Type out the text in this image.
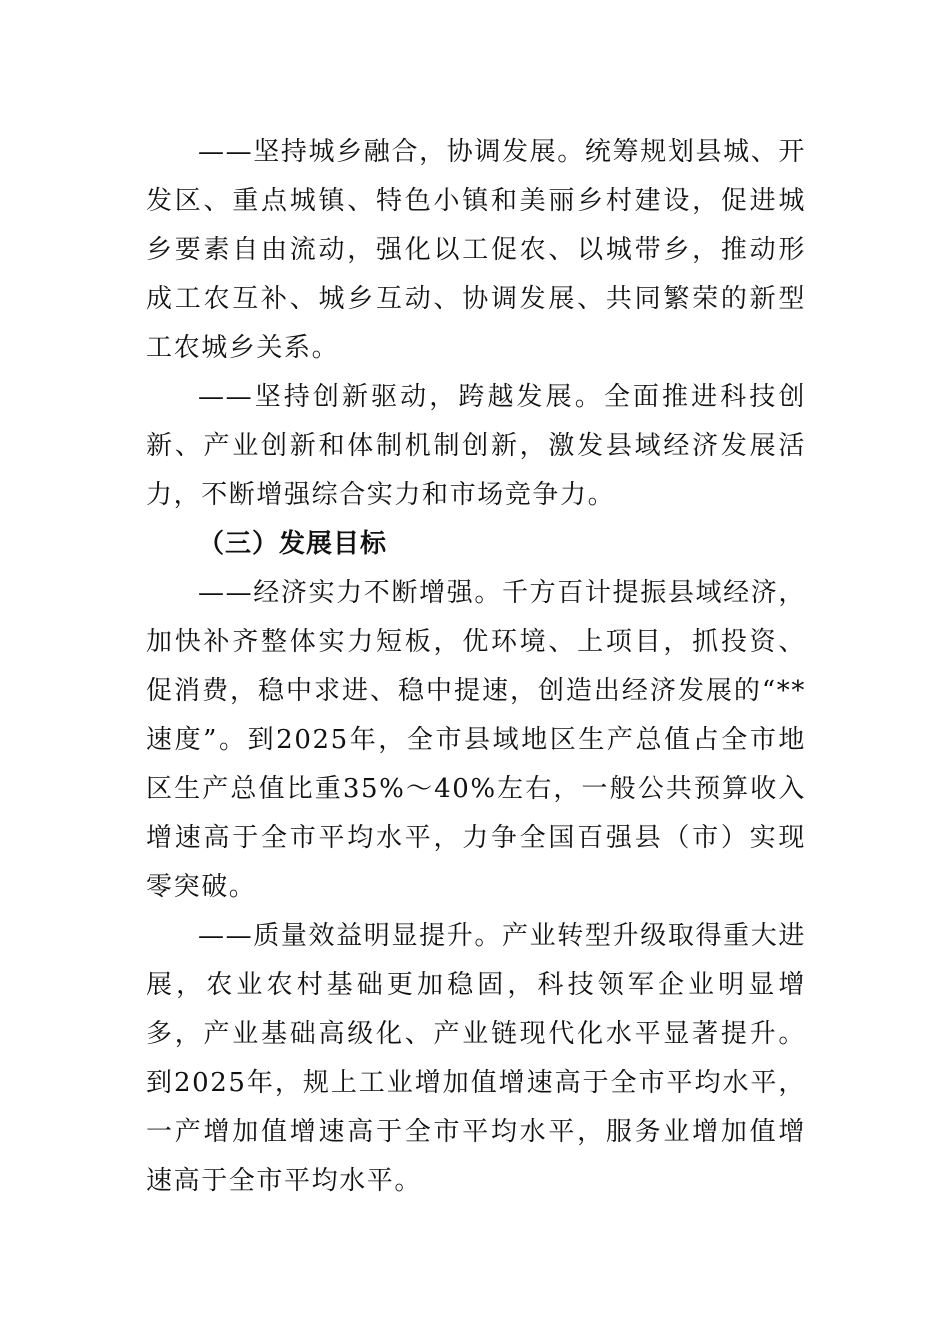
——坚持城乡融合，协调发展。统筹规划县城、开发区、重点城镇、特色小镇和美丽乡村建设，促进城乡要素自由流动，强化以工促农、以城带乡，推动形成工农互补、城乡互动、协调发展、共同繁荣的新型工农城乡关系。

——坚持创新驱动，跨越发展。全面推进科技创新、产业创新和体制机制创新，激发县域经济发展活力，不断增强综合实力和市场竞争力。

（三）发展目标

——经济实力不断增强。千方百计提振县域经济，加快补齐整体实力短板，优环境、上项目，抓投资、促消费，稳中求进、稳中提速，创造出经济发展的“**速度”。到2025年，全市县域地区生产总值占全市地区生产总值比重35%～40%左右，一般公共预算收入增速高于全市平均水平，力争全国百强县（市）实现零突破。

——质量效益明显提升。产业转型升级取得重大进展，农业农村基础更加稳固，科技领军企业明显增多，产业基础高级化、产业链现代化水平显著提升。到2025年，规上工业增加值增速高于全市平均水平，一产增加值增速高于全市平均水平，服务业增加值增速高于全市平均水平。
